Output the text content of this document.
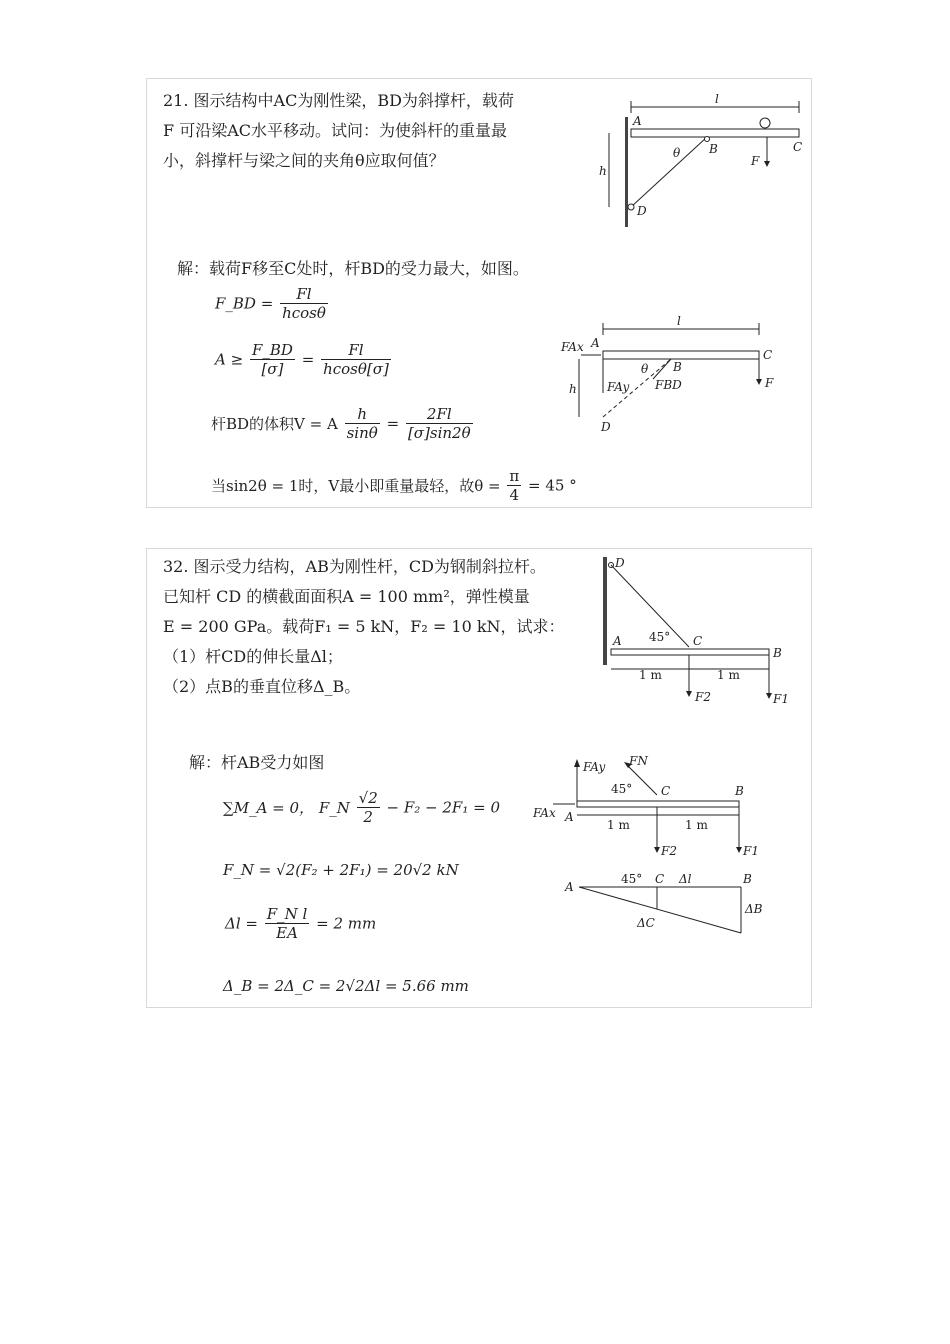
21. 图示结构中AC为刚性梁，BD为斜撑杆，载荷
F 可沿梁AC水平移动。试问：为使斜杆的重量最
小，斜撑杆与梁之间的夹角θ应取何值？
l
A
C
B
θ
F
h
D
解：载荷F移至C处时，杆BD的受力最大，如图。
F_BD = $\frac{Fl}{hcos\theta}$
$A \ge \frac{F\_BD}{[\sigma]} = \frac{Fl}{hcos\theta[\sigma]}$
杆BD的体积V = A $\frac{h}{\sin\theta} = \frac{2Fl}{[\sigma]\sin 2\theta}$
当sin2θ = 1时，V最小即重量最轻，故$\theta = \frac{\pi}{4} = 45$ °
l
FAx A
C
FAy
B
θ
FBD	F
h
D
32. 图示受力结构，AB为刚性杆，CD为钢制斜拉杆。
已知杆 CD 的横截面面积A = 100 mm²，弹性模量
E = 200 GPa。载荷F₁ = 5 kN，F₂ = 10 kN，试求：
（1）杆CD的伸长量Δl；
（2）点B的垂直位移Δ_B。
D
A 45° C
B
1 m	1 m
F2	F1
解：杆AB受力如图
∑M_A = 0， F_N $\frac{√2}{2} - F_2 - 2F_1 = 0$
F_N = √2(F₂ + 2F₁) = 20√2 kN
$\Delta l = \frac{\text{F\_N l}}{EA} = 2$ mm
Δ_B = 2Δ_C = 2√2Δl = 5.66 mm
FAy FN
45° C	B
FAx A
1 m	1 m
F2	F1
A
45° C Δl	B
ΔB
ΔC
